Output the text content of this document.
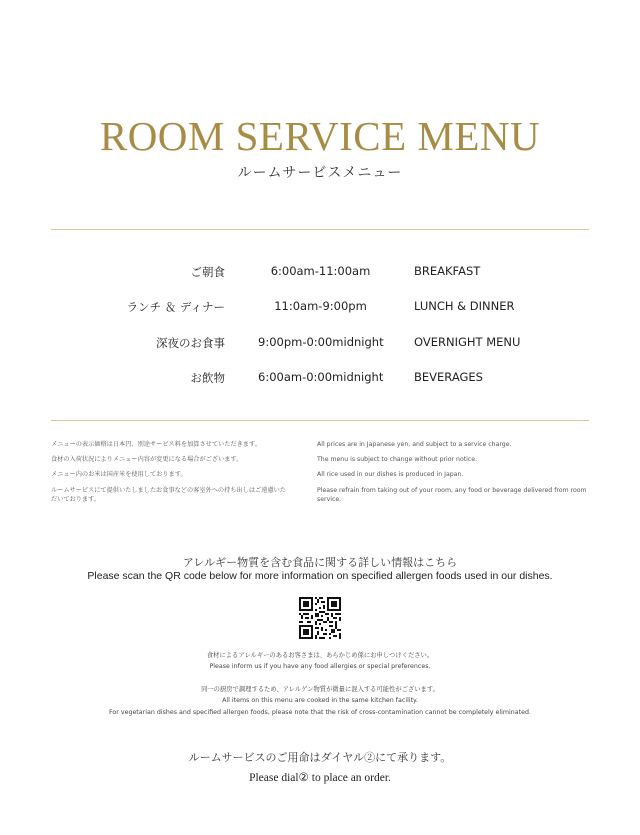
ROOM SERVICE MENU
ルームサービスメニュー
ご朝食	6:00am-11:00am	BREAKFAST
ランチ ＆ ディナー	11:0am-9:00pm	LUNCH & DINNER
深夜のお食事	9:00pm-0:00midnight	OVERNIGHT MENU
お飲物	6:00am-0:00midnight	BEVERAGES

メニューの表示価格は日本円、別途サービス料を加算させていただきます。

食材の入荷状況によりメニュー内容が変更になる場合がございます。

メニュー内のお米は国産米を使用しております。

ルームサービスにて提供いたしましたお食事などの客室外への持ち出しはご遠慮いただいております。

All prices are in Japanese yen, and subject to a service charge.

The menu is subject to change without prior notice.

All rice used in our dishes is produced in Japan.

Please refrain from taking out of your room, any food or beverage delivered from room service.

アレルギー物質を含む食品に関する詳しい情報はこちら
Please scan the QR code below for more information on specified allergen foods used in our dishes.
食材によるアレルギーのあるお客さまは、あらかじめ係にお申しつけください。
Please inform us if you have any food allergies or special preferences.
同一の厨房で調理するため、アレルゲン物質が微量に混入する可能性がございます。
All items on this menu are cooked in the same kitchen facility.
For vegetarian dishes and specified allergen foods, please note that the risk of cross-contamination cannot be completely eliminated.
ルームサービスのご用命はダイヤル②にて承ります。
Please dial② to place an order.
